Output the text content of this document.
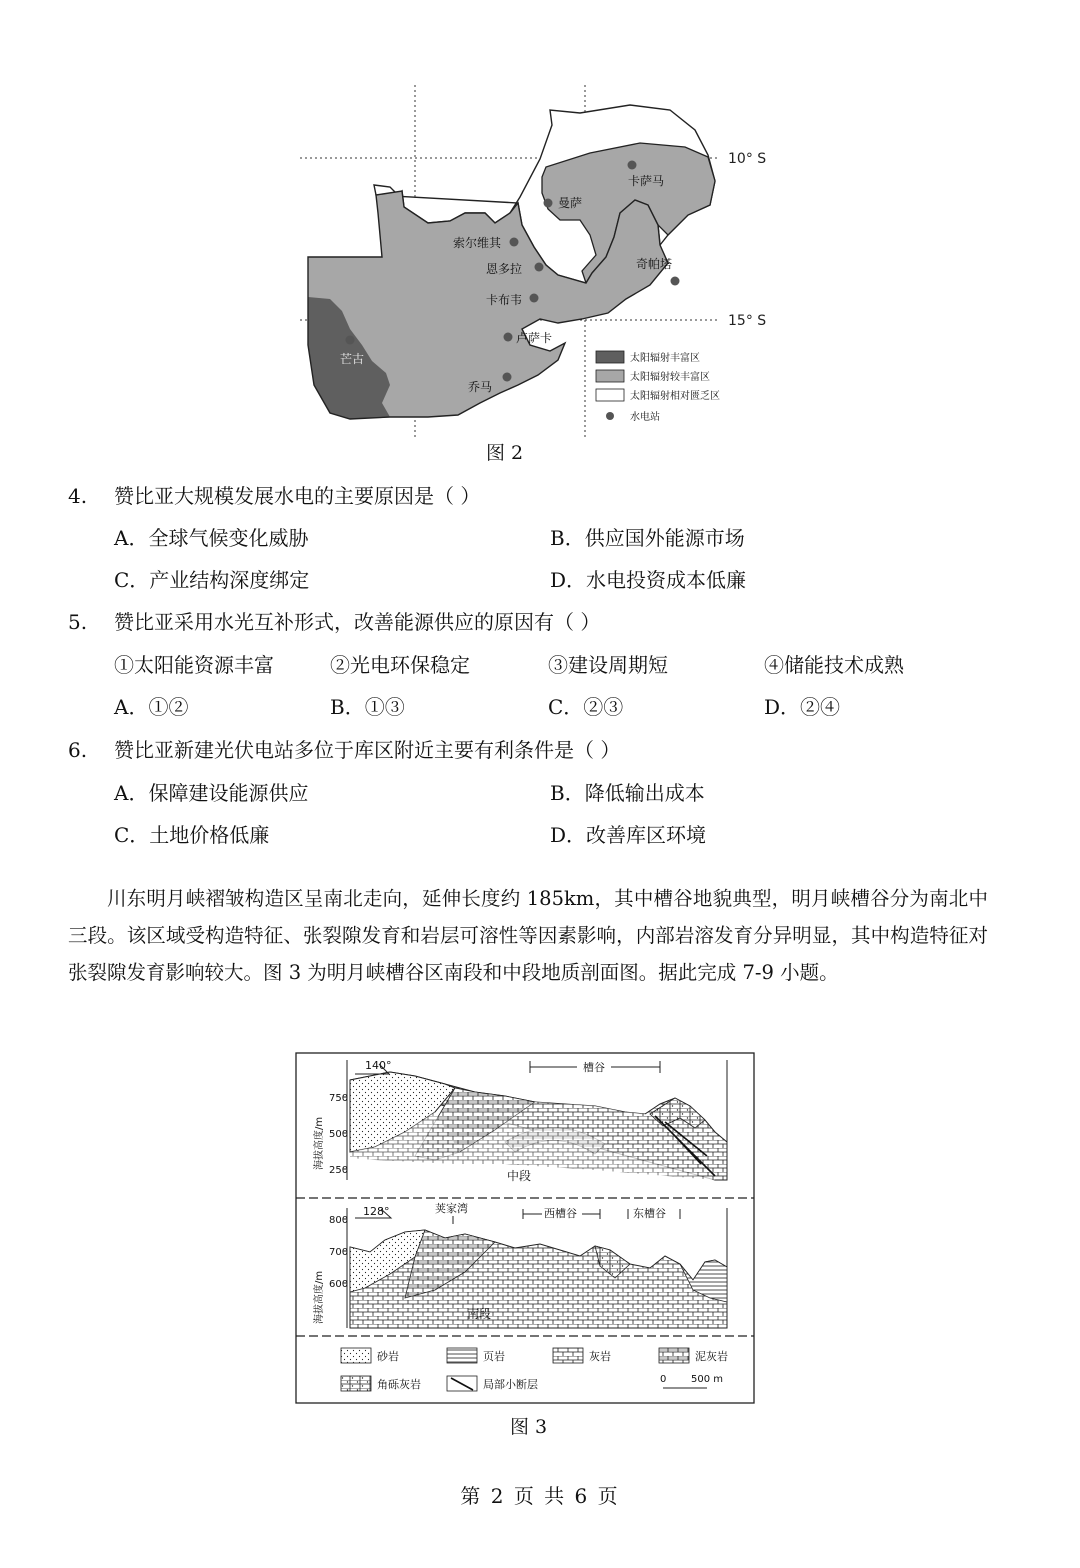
10° S
15° S
卡萨马
曼萨
索尔维其
恩多拉	奇帕塔
卡布韦
卢萨卡
芒古
乔马
太阳辐射丰富区
太阳辐射较丰富区
太阳辐射相对匮乏区
水电站
图 2
4. 赞比亚大规模发展水电的主要原因是（ ）
A．全球气候变化威胁	B．供应国外能源市场
C．产业结构深度绑定	D．水电投资成本低廉
5. 赞比亚采用水光互补形式，改善能源供应的原因有（ ）
①太阳能资源丰富	②光电环保稳定	③建设周期短	④储能技术成熟
A．①②	B．①③	C．②③	D．②④
6. 赞比亚新建光伏电站多位于库区附近主要有利条件是（ ）
A．保障建设能源供应	B．降低输出成本
C．土地价格低廉	D．改善库区环境
川东明月峡褶皱构造区呈南北走向，延伸长度约 185km，其中槽谷地貌典型，明月峡槽谷分为南北中三段。该区域受构造特征、张裂隙发育和岩层可溶性等因素影响，内部岩溶发育分异明显，其中构造特征对张裂隙发育影响较大。图 3 为明月峡槽谷区南段和中段地质剖面图。据此完成 7-9 小题。
750
500
250
海拔高度/m
140°	槽谷
中段
800
700
600
海拔高度/m
128°	荚家湾	西槽谷	东槽谷
南段
砂岩	页岩	灰岩	泥灰岩
角砾灰岩	局部小断层	0 500 m
图 3
第 2 页 共 6 页
